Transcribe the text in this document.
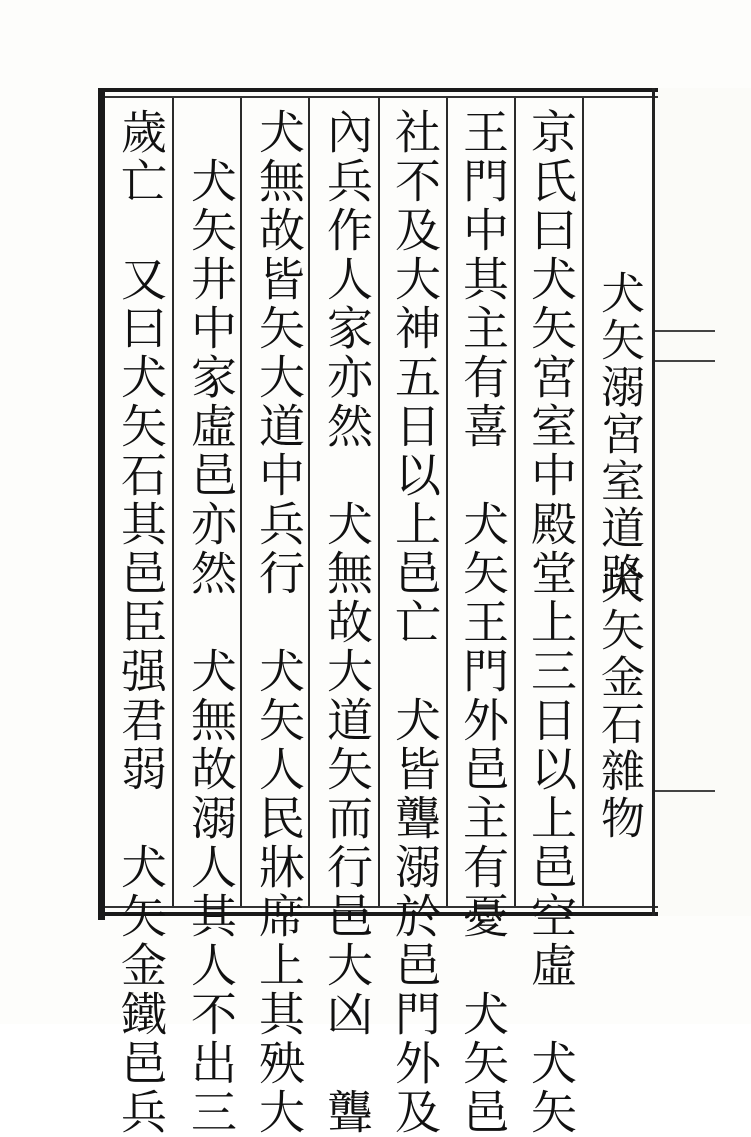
犬矢溺宮室道路
犬矢金石雜物
京氏曰犬矢宮室中殿堂上三日以上邑空虛　犬矢
王門中其主有喜　犬矢王門外邑主有憂　犬矢邑
社不及大神五日以上邑亡　犬皆聾溺於邑門外及
內兵作人家亦然　犬無故大道矢而行邑大凶　聾
犬無故皆矢大道中兵行　犬矢人民牀席上其殃大
　犬矢井中家虛邑亦然　犬無故溺人其人不出三
歲亡　又曰犬矢石其邑臣强君弱　犬矢金鐵邑兵
